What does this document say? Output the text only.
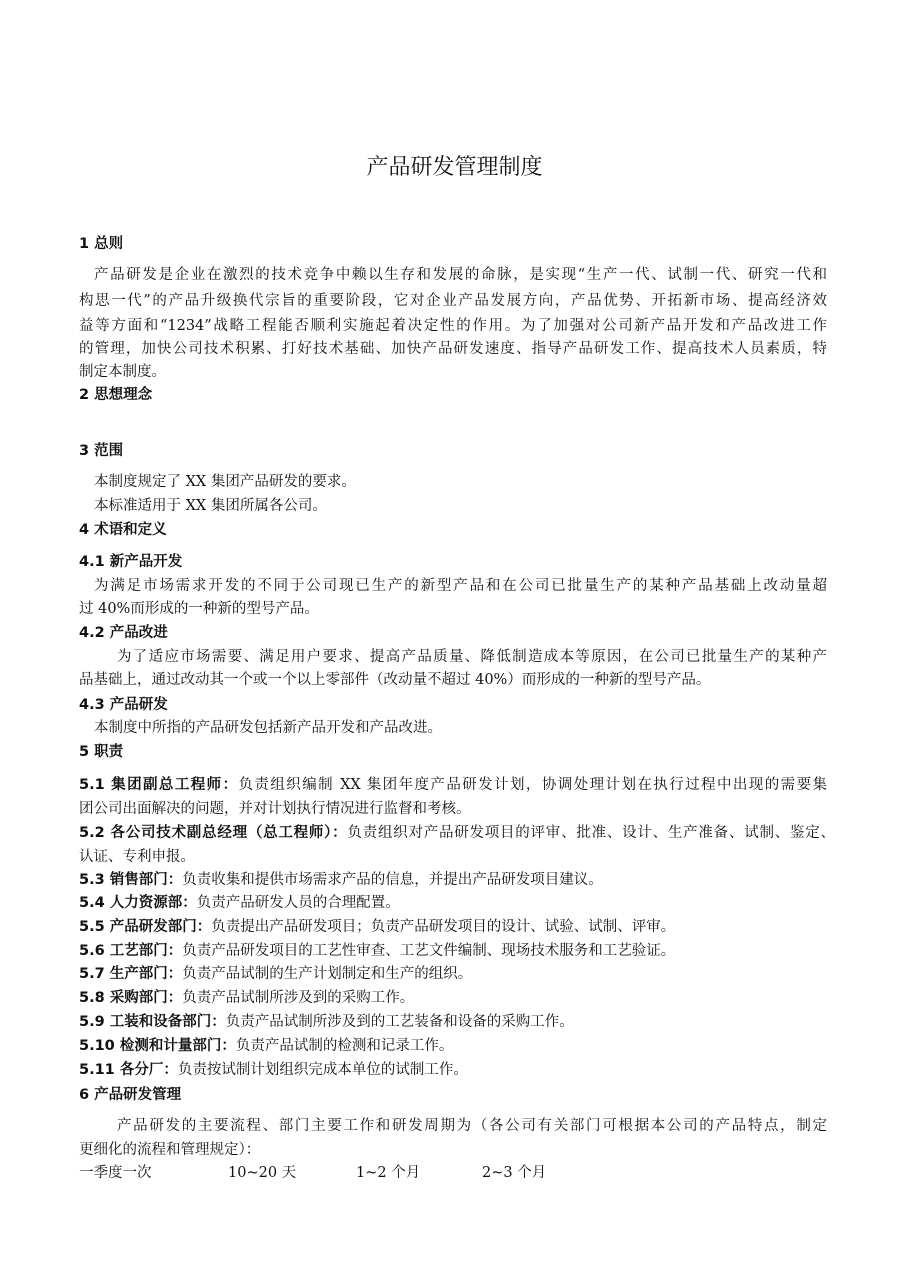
产品研发管理制度
1 总则
产品研发是企业在激烈的技术竞争中赖以生存和发展的命脉，是实现“生产一代、试制一代、研究一代和
构思一代”的产品升级换代宗旨的重要阶段，它对企业产品发展方向，产品优势、开拓新市场、提高经济效
益等方面和“1234”战略工程能否顺利实施起着决定性的作用。为了加强对公司新产品开发和产品改进工作
的管理，加快公司技术积累、打好技术基础、加快产品研发速度、指导产品研发工作、提高技术人员素质，特
制定本制度。
2 思想理念
3 范围
本制度规定了 XX 集团产品研发的要求。
本标准适用于 XX 集团所属各公司。
4 术语和定义
4.1 新产品开发
为满足市场需求开发的不同于公司现已生产的新型产品和在公司已批量生产的某种产品基础上改动量超
过 40%而形成的一种新的型号产品。
4.2 产品改进
为了适应市场需要、满足用户要求、提高产品质量、降低制造成本等原因，在公司已批量生产的某种产
品基础上，通过改动其一个或一个以上零部件（改动量不超过 40%）而形成的一种新的型号产品。
4.3 产品研发
本制度中所指的产品研发包括新产品开发和产品改进。
5 职责
5.1 集团副总工程师：负责组织编制 XX 集团年度产品研发计划，协调处理计划在执行过程中出现的需要集
团公司出面解决的问题，并对计划执行情况进行监督和考核。
5.2 各公司技术副总经理（总工程师）：负责组织对产品研发项目的评审、批准、设计、生产准备、试制、鉴定、
认证、专利申报。
5.3 销售部门：负责收集和提供市场需求产品的信息，并提出产品研发项目建议。
5.4 人力资源部：负责产品研发人员的合理配置。
5.5 产品研发部门：负责提出产品研发项目；负责产品研发项目的设计、试验、试制、评审。
5.6 工艺部门：负责产品研发项目的工艺性审查、工艺文件编制、现场技术服务和工艺验证。
5.7 生产部门：负责产品试制的生产计划制定和生产的组织。
5.8 采购部门：负责产品试制所涉及到的采购工作。
5.9 工装和设备部门：负责产品试制所涉及到的工艺装备和设备的采购工作。
5.10 检测和计量部门：负责产品试制的检测和记录工作。
5.11 各分厂：负责按试制计划组织完成本单位的试制工作。
6 产品研发管理
产品研发的主要流程、部门主要工作和研发周期为（各公司有关部门可根据本公司的产品特点，制定
更细化的流程和管理规定）：
一季度一次	10~20 天	1~2 个月	2~3 个月
